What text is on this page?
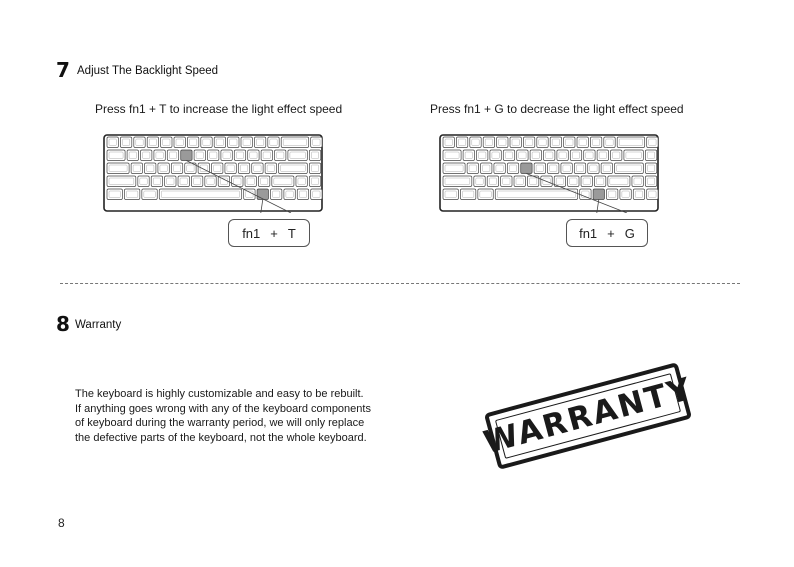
7 Adjust The Backlight Speed
Press fn1 + T to increase the light effect speed	Press fn1 + G to decrease the light effect speed
fn1 + T	fn1 + G
8 Warranty
The keyboard is highly customizable and easy to be rebuilt.
If anything goes wrong with any of the keyboard components
of keyboard during the warranty period, we will only replace
the defective parts of the keyboard, not the whole keyboard.	WARRANTY
8
